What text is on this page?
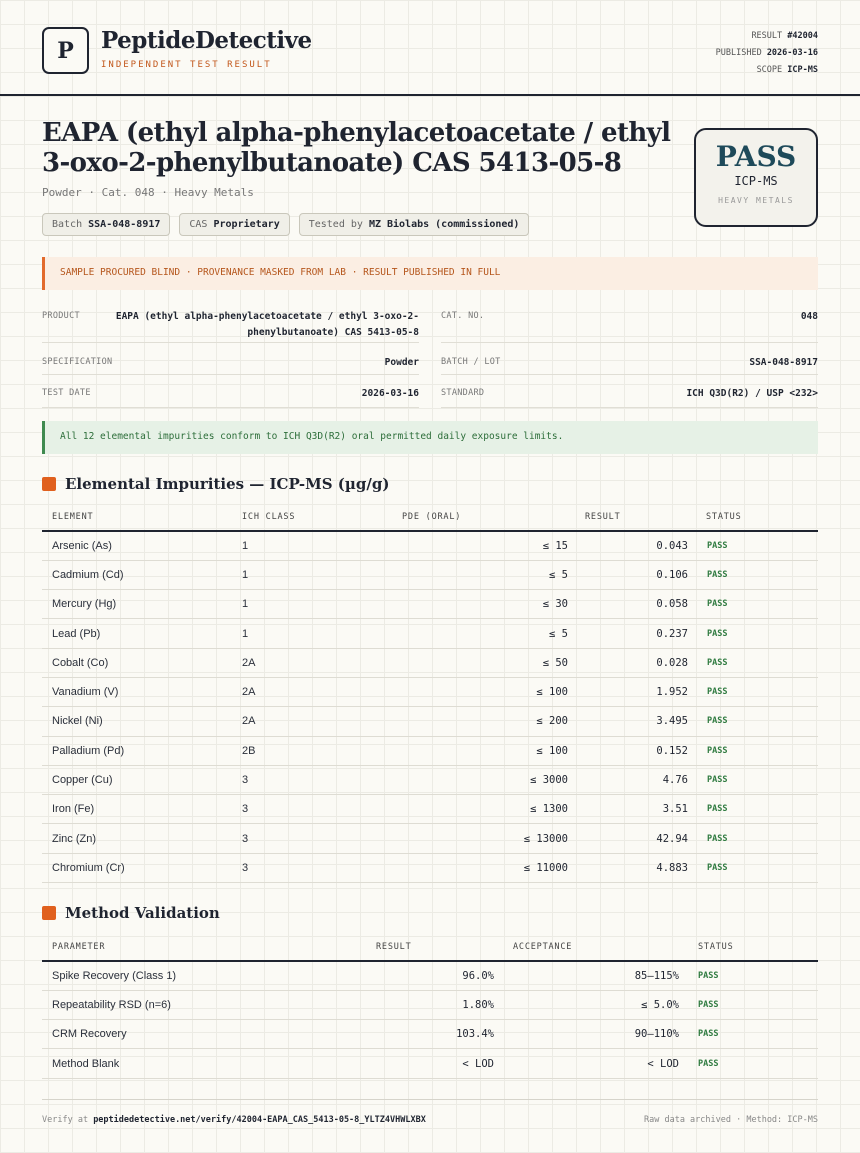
P	PeptideDetective
INDEPENDENT TEST RESULT
RESULT #42004
PUBLISHED 2026-03-16
SCOPE ICP-MS
EAPA (ethyl alpha-phenylacetoacetate / ethyl 3-oxo-2-phenylbutanoate) CAS 5413-05-8
Powder · Cat. 048 · Heavy Metals
Batch SSA-048-8917	CAS Proprietary	Tested by MZ Biolabs (commissioned)
PASS
ICP-MS
HEAVY METALS
SAMPLE PROCURED BLIND · PROVENANCE MASKED FROM LAB · RESULT PUBLISHED IN FULL
PRODUCT	EAPA (ethyl alpha-phenylacetoacetate / ethyl 3-oxo-2-phenylbutanoate) CAS 5413-05-8
CAT. NO.	048
SPECIFICATION	Powder	BATCH / LOT	SSA-048-8917
TEST DATE	2026-03-16	STANDARD	ICH Q3D(R2) / USP <232>
All 12 elemental impurities conform to ICH Q3D(R2) oral permitted daily exposure limits.
Elemental Impurities — ICP-MS (µg/g)
ELEMENT	ICH CLASS	PDE (ORAL)	RESULT	STATUS
Arsenic (As)	1	≤ 15	0.043	PASS
Cadmium (Cd)	1	≤ 5	0.106	PASS
Mercury (Hg)	1	≤ 30	0.058	PASS
Lead (Pb)	1	≤ 5	0.237	PASS
Cobalt (Co)	2A	≤ 50	0.028	PASS
Vanadium (V)	2A	≤ 100	1.952	PASS
Nickel (Ni)	2A	≤ 200	3.495	PASS
Palladium (Pd)	2B	≤ 100	0.152	PASS
Copper (Cu)	3	≤ 3000	4.76	PASS
Iron (Fe)	3	≤ 1300	3.51	PASS
Zinc (Zn)	3	≤ 13000	42.94	PASS
Chromium (Cr)	3	≤ 11000	4.883	PASS
Method Validation
PARAMETER	RESULT	ACCEPTANCE	STATUS
Spike Recovery (Class 1)	96.0%	85–115%	PASS
Repeatability RSD (n=6)	1.80%	≤ 5.0%	PASS
CRM Recovery	103.4%	90–110%	PASS
Method Blank	< LOD	< LOD	PASS
Verify at peptidedetective.net/verify/42004-EAPA_CAS_5413-05-8_YLTZ4VHWLXBX	Raw data archived · Method: ICP-MS
